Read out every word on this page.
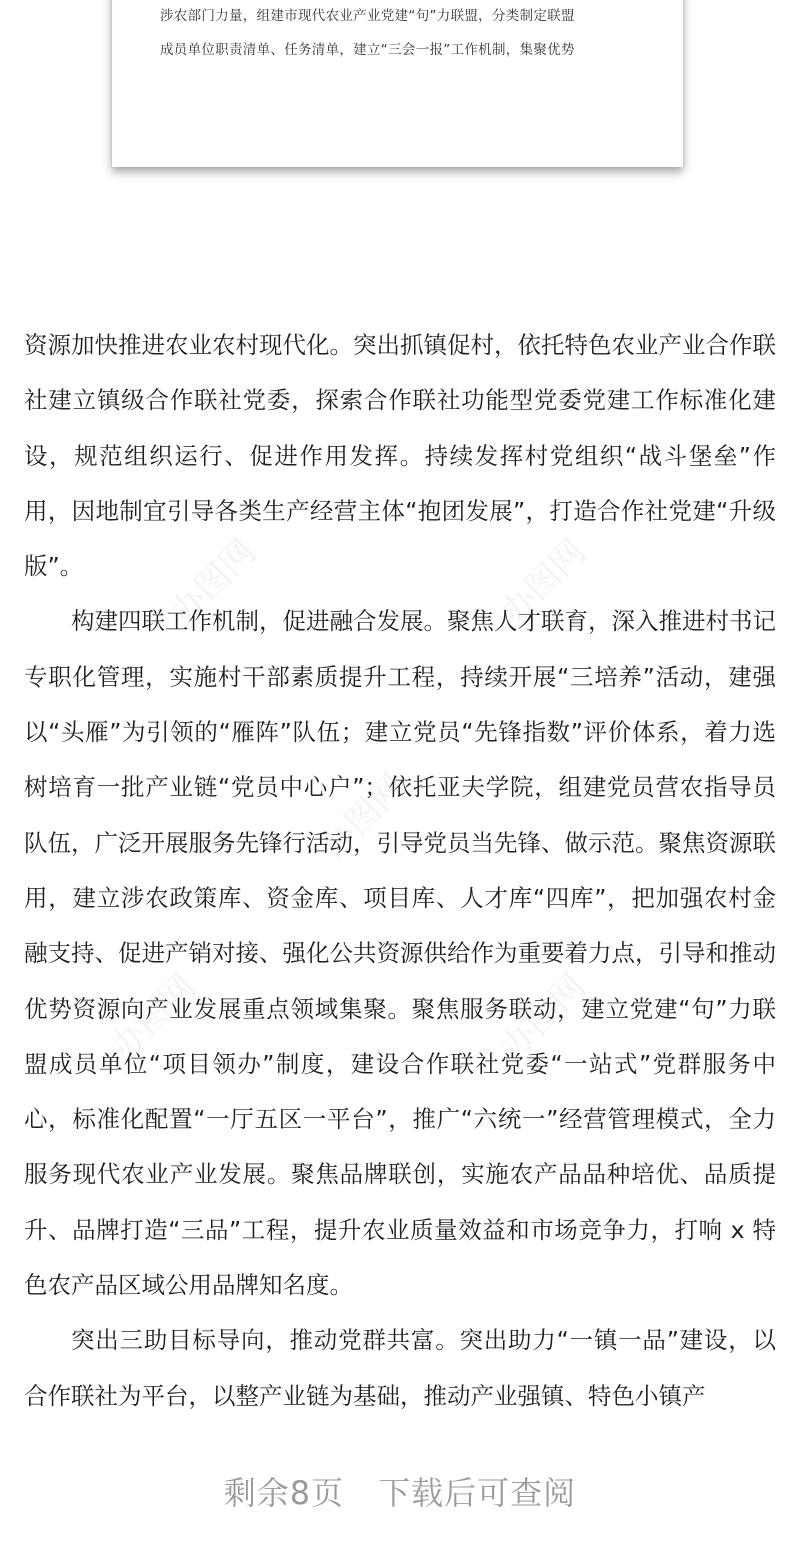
涉农部门力量，组建市现代农业产业党建“句”力联盟，分类制定联盟
成员单位职责清单、任务清单，建立“三会一报”工作机制，集聚优势
办图网	办图网
办图网
办图网	办图网

资源加快推进农业农村现代化。突出抓镇促村，依托特色农业产业合作联社建立镇级合作联社党委，探索合作联社功能型党委党建工作标准化建设，规范组织运行、促进作用发挥。持续发挥村党组织“战斗堡垒”作用，因地制宜引导各类生产经营主体“抱团发展”，打造合作社党建“升级版”。

构建四联工作机制，促进融合发展。聚焦人才联育，深入推进村书记专职化管理，实施村干部素质提升工程，持续开展“三培养”活动，建强以“头雁”为引领的“雁阵”队伍；建立党员“先锋指数”评价体系，着力选树培育一批产业链“党员中心户”；依托亚夫学院，组建党员营农指导员队伍，广泛开展服务先锋行活动，引导党员当先锋、做示范。聚焦资源联用，建立涉农政策库、资金库、项目库、人才库“四库”，把加强农村金融支持、促进产销对接、强化公共资源供给作为重要着力点，引导和推动优势资源向产业发展重点领域集聚。聚焦服务联动，建立党建“句”力联盟成员单位“项目领办”制度，建设合作联社党委“一站式”党群服务中心，标准化配置“一厅五区一平台”，推广“六统一”经营管理模式，全力服务现代农业产业发展。聚焦品牌联创，实施农产品品种培优、品质提升、品牌打造“三品”工程，提升农业质量效益和市场竞争力，打响 x 特色农产品区域公用品牌知名度。

突出三助目标导向，推动党群共富。突出助力“一镇一品”建设，以合作联社为平台，以整产业链为基础，推动产业强镇、特色小镇产

剩余8页 下载后可查阅
